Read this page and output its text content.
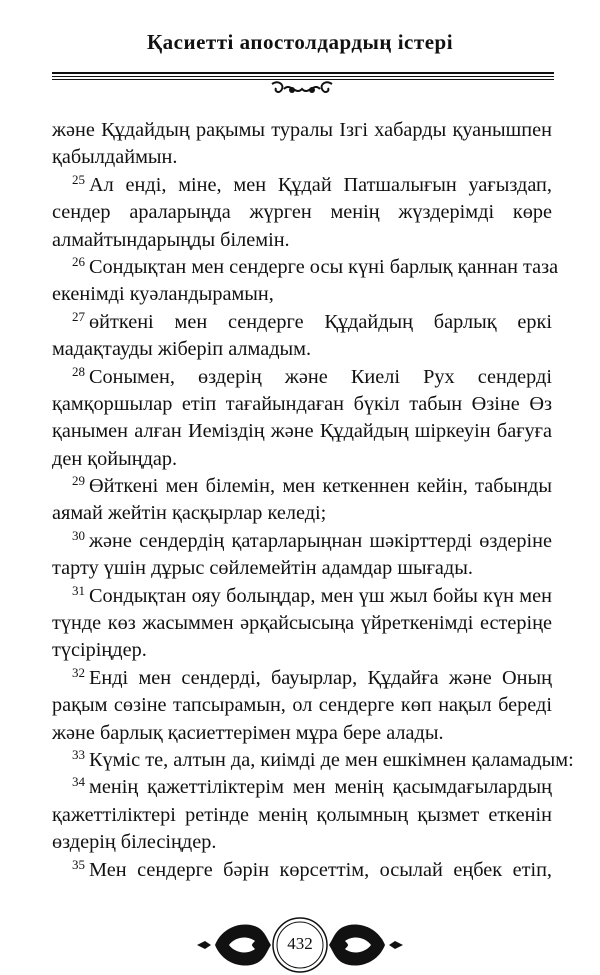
Қасиетті апостолдардың істері
және Құдайдың рақымы туралы Ізгі хабарды қуанышпен
қабылдаймын.
$^{25}$ Ал енді, міне, мен Құдай Патшалығын уағыздап,
сендер араларыңда жүрген менің жүздерімді көре
алмайтындарыңды білемін.
$^{26}$ Сондықтан мен сендерге осы күні барлық қаннан таза
екенімді куәландырамын,
$^{27}$ өйткені мен сендерге Құдайдың барлық еркі
мадақтауды жіберіп алмадым.
$^{28}$ Сонымен, өздерің және Киелі Рух сендерді
қамқоршылар етіп тағайындаған бүкіл табын Өзіне Өз
қанымен алған Иеміздің және Құдайдың шіркеуін бағуға
ден қойыңдар.
$^{29}$ Өйткені мен білемін, мен кеткеннен кейін, табынды
аямай жейтін қасқырлар келеді;
$^{30}$ және сендердің қатарларыңнан шәкірттерді өздеріне
тарту үшін дұрыс сөйлемейтін адамдар шығады.
$^{31}$ Сондықтан ояу болыңдар, мен үш жыл бойы күн мен
түнде көз жасыммен әрқайсысыңа үйреткенімді естеріңе
түсіріңдер.
$^{32}$ Енді мен сендерді, бауырлар, Құдайға және Оның
рақым сөзіне тапсырамын, ол сендерге көп нақыл береді
және барлық қасиеттерімен мұра бере алады.
$^{33}$ Күміс те, алтын да, киімді де мен ешкімнен қаламадым:
$^{34}$ менің қажеттіліктерім мен менің қасымдағылардың
қажеттіліктері ретінде менің қолымның қызмет еткенін
өздерің білесіңдер.
$^{35}$ Мен сендерге бәрін көрсеттім, осылай еңбек етіп,
432
